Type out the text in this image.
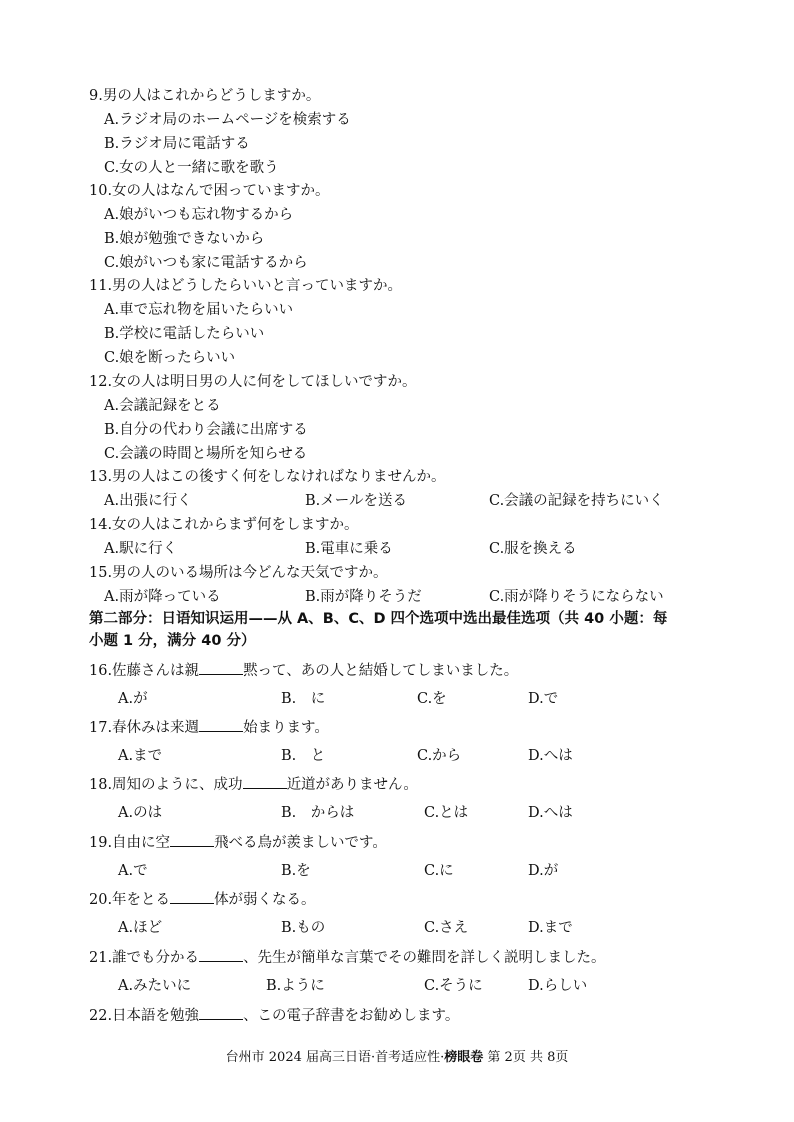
9.男の人はこれからどうしますか。
A.ラジオ局のホームページを検索する
B.ラジオ局に電話する
C.女の人と一緒に歌を歌う
10.女の人はなんで困っていますか。
A.娘がいつも忘れ物するから
B.娘が勉強できないから
C.娘がいつも家に電話するから
11.男の人はどうしたらいいと言っていますか。
A.車で忘れ物を届いたらいい
B.学校に電話したらいい
C.娘を断ったらいい
12.女の人は明日男の人に何をしてほしいですか。
A.会議記録をとる
B.自分の代わり会議に出席する
C.会議の時間と場所を知らせる
13.男の人はこの後すく何をしなければなりませんか。
A.出張に行く	B.メールを送る	C.会議の記録を持ちにいく
14.女の人はこれからまず何をしますか。
A.駅に行く	B.電車に乗る	C.服を換える
15.男の人のいる場所は今どんな天気ですか。
A.雨が降っている	B.雨が降りそうだ	C.雨が降りそうにならない
第二部分：日语知识运用——从 A、B、C、D 四个选项中选出最佳选项（共 40 小题：每
小题 1 分，满分 40 分）
16.佐藤さんは親	黙って、あの人と結婚してしまいました。
A.が	B.　に	C.を	D.で
17.春休みは来週	始まります。
A.まで	B.　と	C.から	D.へは
18.周知のように、成功	近道がありません。
A.のは	B.　からは	C.とは	D.へは
19.自由に空	飛べる鳥が羨ましいです。
A.で	B.を	C.に	D.が
20.年をとる	体が弱くなる。
A.ほど	B.もの	C.さえ	D.まで
21.誰でも分かる	、先生が簡単な言葉でその難問を詳しく説明しました。
A.みたいに	B.ように	C.そうに	D.らしい
22.日本語を勉強	、この電子辞書をお勧めします。
台州市 2024 届高三日语·首考适应性·榜眼卷 第 2页 共 8页
